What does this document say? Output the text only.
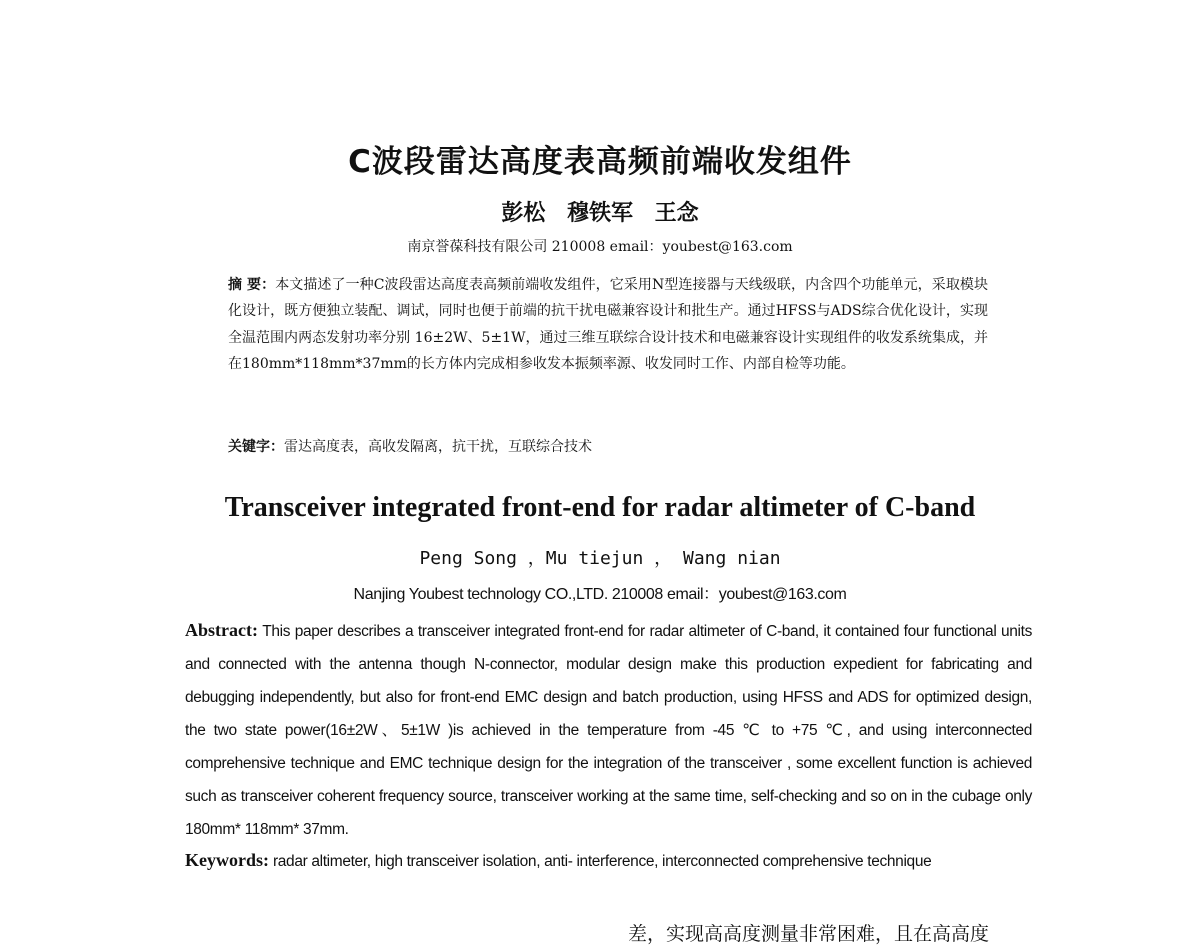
C波段雷达高度表高频前端收发组件
彭松 穆铁军 王念
南京誉葆科技有限公司 210008 email：youbest@163.com
摘 要：本文描述了一种C波段雷达高度表高频前端收发组件，它采用N型连接器与天线级联，内含四个功能单元，采取模块化设计，既方便独立装配、调试，同时也便于前端的抗干扰电磁兼容设计和批生产。通过HFSS与ADS综合优化设计，实现全温范围内两态发射功率分别 16±2W、5±1W，通过三维互联综合设计技术和电磁兼容设计实现组件的收发系统集成，并在180mm*118mm*37mm的长方体内完成相参收发本振频率源、收发同时工作、内部自检等功能。
关键字：雷达高度表，高收发隔离，抗干扰，互联综合技术
Transceiver integrated front-end for radar altimeter of C-band
Peng Song ，Mu tiejun ， Wang nian
Nanjing Youbest technology CO.,LTD. 210008 email：youbest@163.com
Abstract: This paper describes a transceiver integrated front-end for radar altimeter of C-band, it contained four functional units and connected with the antenna though N-connector, modular design make this production expedient for fabricating and debugging independently, but also for front-end EMC design and batch production, using HFSS and ADS for optimized design, the two state power(16±2W、5±1W )is achieved in the temperature from -45 ℃ to +75 ℃, and using interconnected comprehensive technique and EMC technique design for the integration of the transceiver , some excellent function is achieved such as transceiver coherent frequency source, transceiver working at the same time, self-checking and so on in the cubage only 180mm* 118mm* 37mm.
Keywords: radar altimeter, high transceiver isolation, anti- interference, interconnected comprehensive technique
差，实现高高度测量非常困难，且在高高度
